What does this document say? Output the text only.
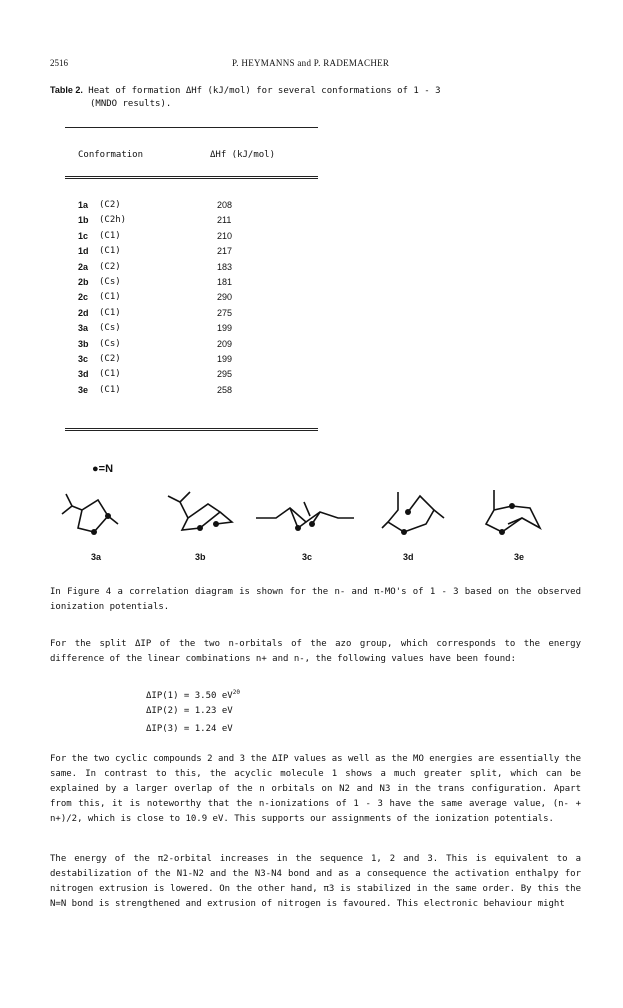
2516	P. HEYMANNS and P. RADEMACHER
Table 2. Heat of formation ΔHf (kJ/mol) for several conformations of 1 - 3
(MNDO results).
Conformation	ΔHf (kJ/mol)
1a (C2)	208
1b (C2h)	211
1c (C1)	210
1d (C1)	217
2a (C2)	183
2b (Cs)	181
2c (C1)	290
2d (C1)	275
3a (Cs)	199
3b (Cs)	209
3c (C2)	199
3d (C1)	295
3e (C1)	258
●=N
3a	3b	3c	3d	3e
In Figure 4 a correlation diagram is shown for the n- and π-MO's of 1 - 3 based on the observed ionization potentials.
For the split ΔIP of the two n-orbitals of the azo group, which corresponds to the energy difference of the linear combinations n+ and n-, the following values have been found:
ΔIP(1) = 3.50 $eV^{20}$
ΔIP(2) = 1.23 eV
ΔIP(3) = 1.24 eV
For the two cyclic compounds 2 and 3 the ΔIP values as well as the MO energies are essentially the same. In contrast to this, the acyclic molecule 1 shows a much greater split, which can be explained by a larger overlap of the n orbitals on N2 and N3 in the trans configuration. Apart from this, it is noteworthy that the n-ionizations of 1 - 3 have the same average value, (n- + n+)/2, which is close to 10.9 eV. This supports our assignments of the ionization potentials.
The energy of the π2-orbital increases in the sequence 1, 2 and 3. This is equivalent to a destabilization of the N1-N2 and the N3-N4 bond and as a consequence the activation enthalpy for nitrogen extrusion is lowered. On the other hand, π3 is stabilized in the same order. By this the N=N bond is strengthened and extrusion of nitrogen is favoured. This electronic behaviour might
